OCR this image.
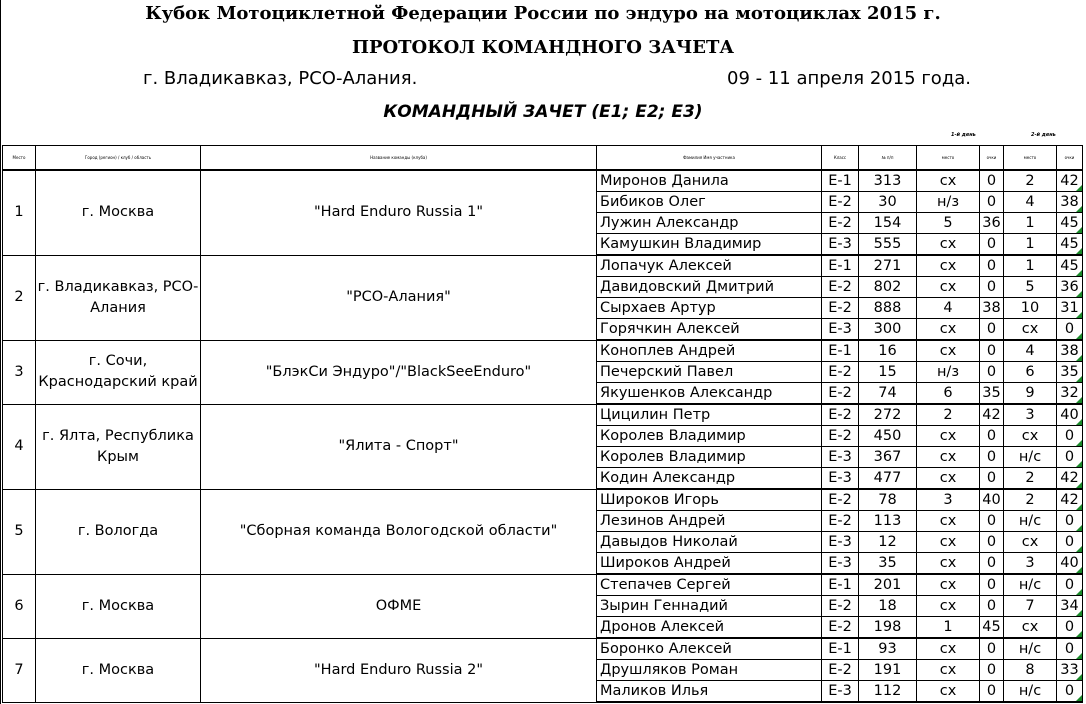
Кубок Мотоциклетной Федерации России по эндуро на мотоциклах 2015 г.
ПРОТОКОЛ КОМАНДНОГО ЗАЧЕТА
г. Владикавказ, РСО-Алания.	09 - 11 апреля 2015 года.
КОМАНДНЫЙ ЗАЧЕТ (E1; E2; E3)
1-й день	2-й день
Место	Город (регион) / клуб / область	Название команды (клуба)	Фамилия Имя участника	Класс	№ п/п	место	очки	место	очки
1	г. Москва	"Hard Enduro Russia 1"	Миронов Данила	E-1	313	сх	0	2	42
			Бибиков Олег	E-2	30	н/з	0	4	38
			Лужин Александр	E-2	154	5	36	1	45
			Камушкин Владимир	E-3	555	сх	0	1	45
2	г. Владикавказ, РСО-Алания	"РСО-Алания"	Лопачук Алексей	E-1	271	сх	0	1	45
			Давидовский Дмитрий	E-2	802	сх	0	5	36
			Сырхаев Артур	E-2	888	4	38	10	31
			Горячкин Алексей	E-3	300	сх	0	сх	0
3	г. Сочи, Краснодарский край	"БлэкСи Эндуро"/"BlackSeeEnduro"	Коноплев Андрей	E-1	16	сх	0	4	38
			Печерский Павел	E-2	15	н/з	0	6	35
			Якушенков Александр	E-2	74	6	35	9	32
4	г. Ялта, Республика Крым	"Ялита - Спорт"	Цицилин Петр	E-2	272	2	42	3	40
			Королев Владимир	E-2	450	сх	0	сх	0
			Королев Владимир	E-3	367	сх	0	н/с	0
			Кодин Александр	E-3	477	сх	0	2	42
5	г. Вологда	"Сборная команда Вологодской области"	Широков Игорь	E-2	78	3	40	2	42
			Лезинов Андрей	E-2	113	сх	0	н/с	0
			Давыдов Николай	E-3	12	сх	0	сх	0
			Широков Андрей	E-3	35	сх	0	3	40
6	г. Москва	ОФМЕ	Степачев Сергей	E-1	201	сх	0	н/с	0
			Зырин Геннадий	E-2	18	сх	0	7	34
			Дронов Алексей	E-2	198	1	45	сх	0
7	г. Москва	"Hard Enduro Russia 2"	Боронко Алексей	E-1	93	сх	0	н/с	0
			Друшляков Роман	E-2	191	сх	0	8	33
			Маликов Илья	E-3	112	сх	0	н/с	0
